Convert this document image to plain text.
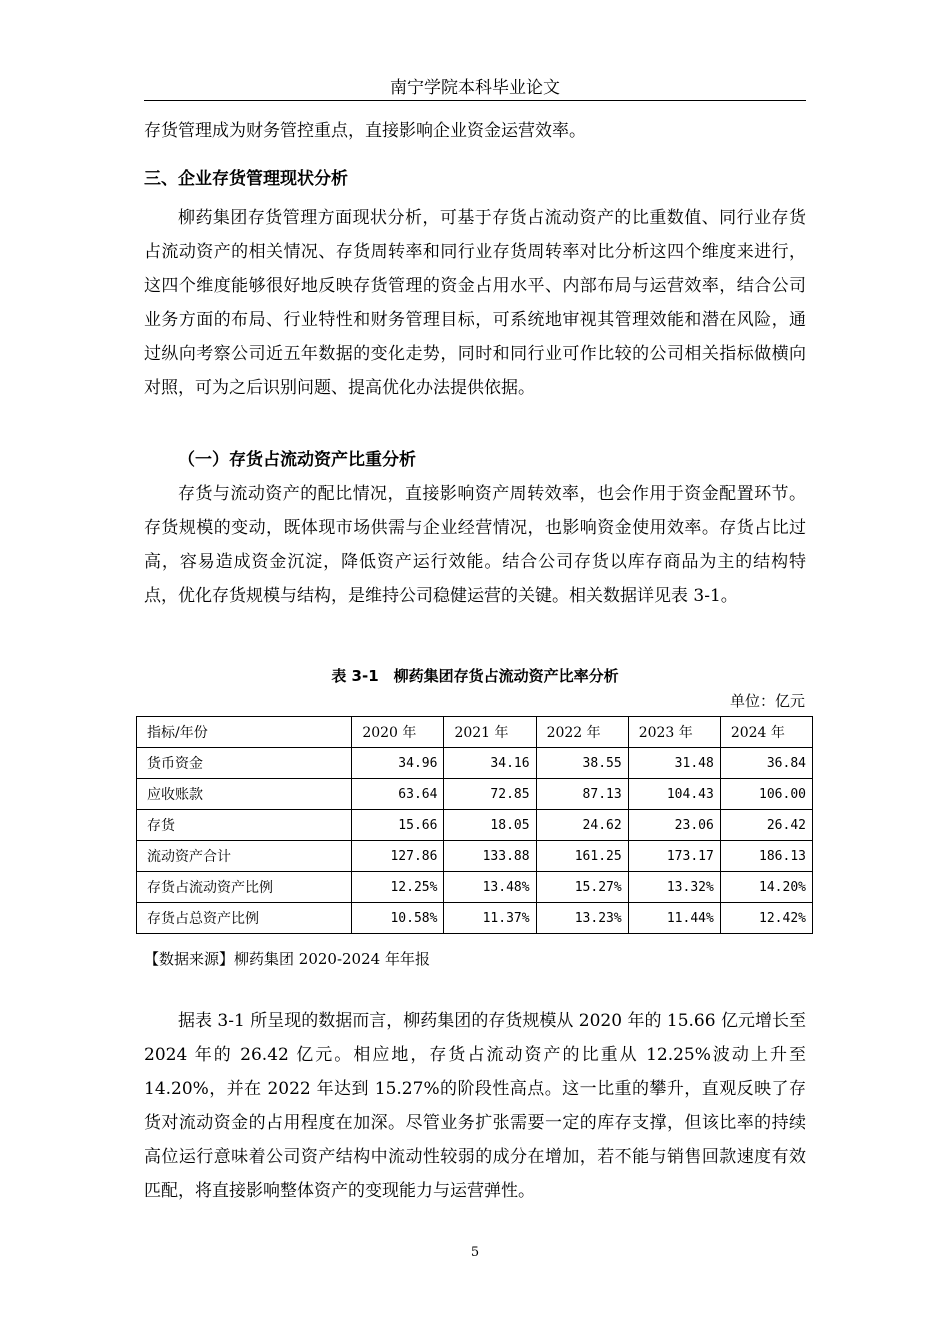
南宁学院本科毕业论文

存货管理成为财务管控重点，直接影响企业资金运营效率。

三、企业存货管理现状分析

柳药集团存货管理方面现状分析，可基于存货占流动资产的比重数值、同行业存货占流动资产的相关情况、存货周转率和同行业存货周转率对比分析这四个维度来进行，这四个维度能够很好地反映存货管理的资金占用水平、内部布局与运营效率，结合公司业务方面的布局、行业特性和财务管理目标，可系统地审视其管理效能和潜在风险，通过纵向考察公司近五年数据的变化走势，同时和同行业可作比较的公司相关指标做横向对照，可为之后识别问题、提高优化办法提供依据。

（一）存货占流动资产比重分析

存货与流动资产的配比情况，直接影响资产周转效率，也会作用于资金配置环节。存货规模的变动，既体现市场供需与企业经营情况，也影响资金使用效率。存货占比过高，容易造成资金沉淀，降低资产运行效能。结合公司存货以库存商品为主的结构特点，优化存货规模与结构，是维持公司稳健运营的关键。相关数据详见表 3-1。

表 3-1　柳药集团存货占流动资产比率分析
单位：亿元
指标/年份	2020 年	2021 年	2022 年	2023 年	2024 年
货币资金	34.96	34.16	38.55	31.48	36.84
应收账款	63.64	72.85	87.13	104.43	106.00
存货	15.66	18.05	24.62	23.06	26.42
流动资产合计	127.86	133.88	161.25	173.17	186.13
存货占流动资产比例	12.25%	13.48%	15.27%	13.32%	14.20%
存货占总资产比例	10.58%	11.37%	13.23%	11.44%	12.42%
【数据来源】柳药集团 2020-2024 年年报

据表 3-1 所呈现的数据而言，柳药集团的存货规模从 2020 年的 15.66 亿元增长至 2024 年的 26.42 亿元。相应地，存货占流动资产的比重从 12.25%波动上升至 14.20%，并在 2022 年达到 15.27%的阶段性高点。这一比重的攀升，直观反映了存货对流动资金的占用程度在加深。尽管业务扩张需要一定的库存支撑，但该比率的持续高位运行意味着公司资产结构中流动性较弱的成分在增加，若不能与销售回款速度有效匹配，将直接影响整体资产的变现能力与运营弹性。

5
